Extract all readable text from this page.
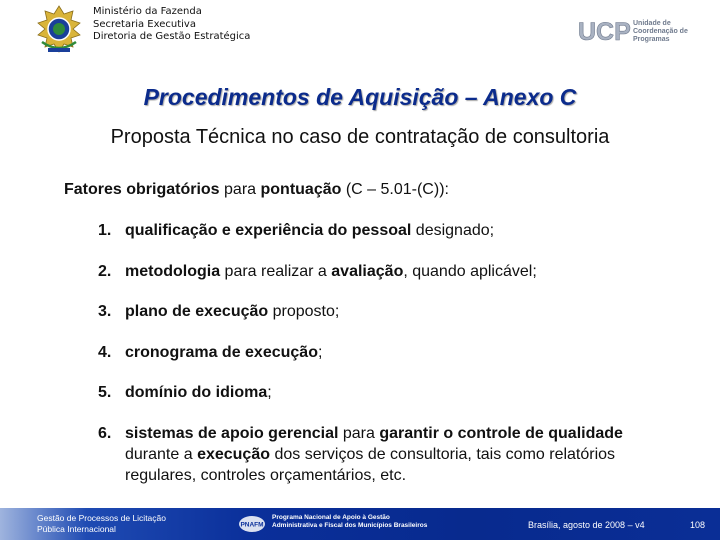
Ministério da Fazenda
Secretaria Executiva
Diretoria de Gestão Estratégica	UCP Unidade de
Coordenação de
Programas
Procedimentos de Aquisição – Anexo C
Proposta Técnica no caso de contratação de consultoria
Fatores obrigatórios para pontuação (C – 5.01-(C)):
1. qualificação e experiência do pessoal designado;
2. metodologia para realizar a avaliação, quando aplicável;
3. plano de execução proposto;
4. cronograma de execução;
5. domínio do idioma;
6. sistemas de apoio gerencial para garantir o controle de qualidade durante a execução dos serviços de consultoria, tais como relatórios regulares, controles orçamentários, etc.
Gestão de Processos de Licitação
Pública Internacional	PNAFM
Programa Nacional de Apoio à Gestão
Administrativa e Fiscal dos Municípios Brasileiros	Brasília, agosto de 2008 – v4	108
